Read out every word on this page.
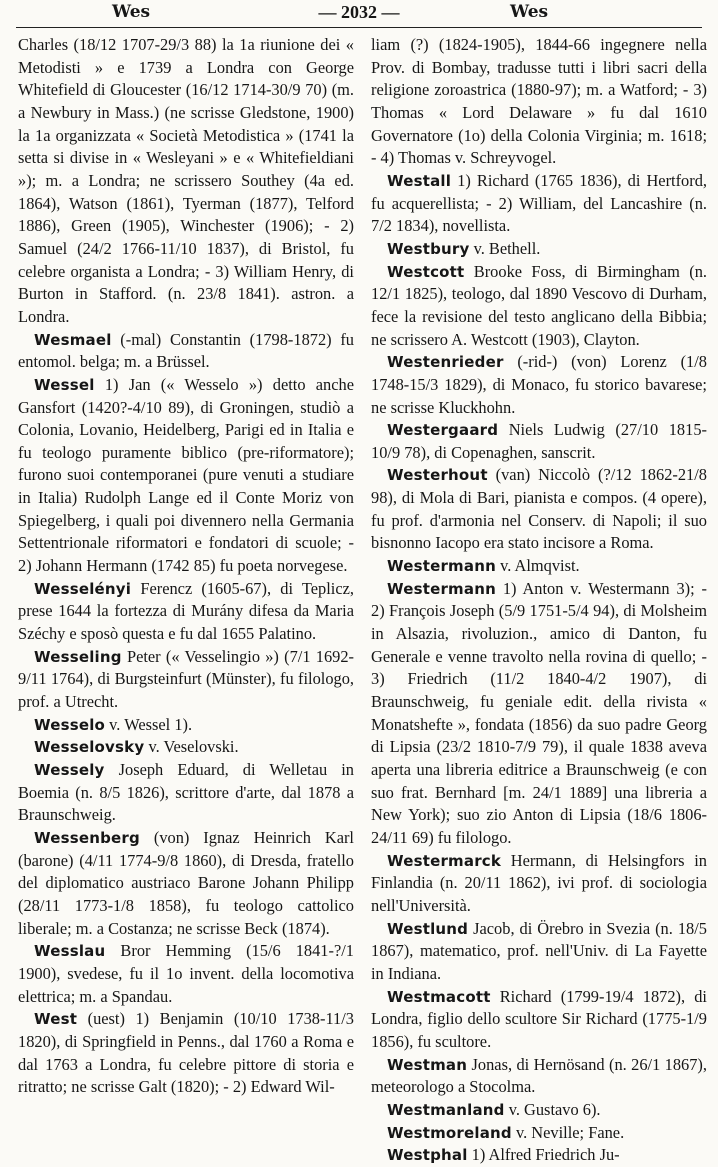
Wes	— 2032 —	Wes

Charles (18/12 1707-29/3 88) la 1a riunione dei « Metodisti » e 1739 a Londra con George Whitefield di Gloucester (16/12 1714-30/9 70) (m. a Newbury in Mass.) (ne scrisse Gledstone, 1900) la 1a organizzata « Società Metodistica » (1741 la setta si divise in « Wesleyani » e « Whitefieldiani »); m. a Londra; ne scrissero Southey (4a ed. 1864), Watson (1861), Tyerman (1877), Telford 1886), Green (1905), Winchester (1906); - 2) Samuel (24/2 1766-11/10 1837), di Bristol, fu celebre organista a Londra; - 3) William Henry, di Burton in Stafford. (n. 23/8 1841). astron. a Londra.

Wesmael (-mal) Constantin (1798-1872) fu entomol. belga; m. a Brüssel.

Wessel 1) Jan (« Wesselo ») detto anche Gansfort (1420?-4/10 89), di Groningen, studiò a Colonia, Lovanio, Heidelberg, Parigi ed in Italia e fu teologo puramente biblico (pre-riformatore); furono suoi contemporanei (pure venuti a studiare in Italia) Rudolph Lange ed il Conte Moriz von Spiegelberg, i quali poi divennero nella Germania Settentrionale riformatori e fondatori di scuole; - 2) Johann Hermann (1742 85) fu poeta norvegese.

Wesselényi Ferencz (1605-67), di Teplicz, prese 1644 la fortezza di Murány difesa da Maria Széchy e sposò questa e fu dal 1655 Palatino.

Wesseling Peter (« Vesselingio ») (7/1 1692-9/11 1764), di Burgsteinfurt (Münster), fu filologo, prof. a Utrecht.

Wesselo v. Wessel 1).

Wesselovsky v. Veselovski.

Wessely Joseph Eduard, di Welletau in Boemia (n. 8/5 1826), scrittore d'arte, dal 1878 a Braunschweig.

Wessenberg (von) Ignaz Heinrich Karl (barone) (4/11 1774-9/8 1860), di Dresda, fratello del diplomatico austriaco Barone Johann Philipp (28/11 1773-1/8 1858), fu teologo cattolico liberale; m. a Costanza; ne scrisse Beck (1874).

Wesslau Bror Hemming (15/6 1841-?/1 1900), svedese, fu il 1o invent. della locomotiva elettrica; m. a Spandau.

West (uest) 1) Benjamin (10/10 1738-11/3 1820), di Springfield in Penns., dal 1760 a Roma e dal 1763 a Londra, fu celebre pittore di storia e ritratto; ne scrisse Galt (1820); - 2) Edward Wil-

liam (?) (1824-1905), 1844-66 ingegnere nella Prov. di Bombay, tradusse tutti i libri sacri della religione zoroastrica (1880-97); m. a Watford; - 3) Thomas « Lord Delaware » fu dal 1610 Governatore (1o) della Colonia Virginia; m. 1618; - 4) Thomas v. Schreyvogel.

Westall 1) Richard (1765 1836), di Hertford, fu acquerellista; - 2) William, del Lancashire (n. 7/2 1834), novellista.

Westbury v. Bethell.

Westcott Brooke Foss, di Birmingham (n. 12/1 1825), teologo, dal 1890 Vescovo di Durham, fece la revisione del testo anglicano della Bibbia; ne scrissero A. Westcott (1903), Clayton.

Westenrieder (-rid-) (von) Lorenz (1/8 1748-15/3 1829), di Monaco, fu storico bavarese; ne scrisse Kluckhohn.

Westergaard Niels Ludwig (27/10 1815-10/9 78), di Copenaghen, sanscrit.

Westerhout (van) Niccolò (?/12 1862-21/8 98), di Mola di Bari, pianista e compos. (4 opere), fu prof. d'armonia nel Conserv. di Napoli; il suo bisnonno Iacopo era stato incisore a Roma.

Westermann v. Almqvist.

Westermann 1) Anton v. Westermann 3); - 2) François Joseph (5/9 1751-5/4 94), di Molsheim in Alsazia, rivoluzion., amico di Danton, fu Generale e venne travolto nella rovina di quello; - 3) Friedrich (11/2 1840-4/2 1907), di Braunschweig, fu geniale edit. della rivista « Monatshefte », fondata (1856) da suo padre Georg di Lipsia (23/2 1810-7/9 79), il quale 1838 aveva aperta una libreria editrice a Braunschweig (e con suo frat. Bernhard [m. 24/1 1889] una libreria a New York); suo zio Anton di Lipsia (18/6 1806-24/11 69) fu filologo.

Westermarck Hermann, di Helsingfors in Finlandia (n. 20/11 1862), ivi prof. di sociologia nell'Università.

Westlund Jacob, di Örebro in Svezia (n. 18/5 1867), matematico, prof. nell'Univ. di La Fayette in Indiana.

Westmacott Richard (1799-19/4 1872), di Londra, figlio dello scultore Sir Richard (1775-1/9 1856), fu scultore.

Westman Jonas, di Hernösand (n. 26/1 1867), meteorologo a Stocolma.

Westmanland v. Gustavo 6).

Westmoreland v. Neville; Fane.

Westphal 1) Alfred Friedrich Ju-
